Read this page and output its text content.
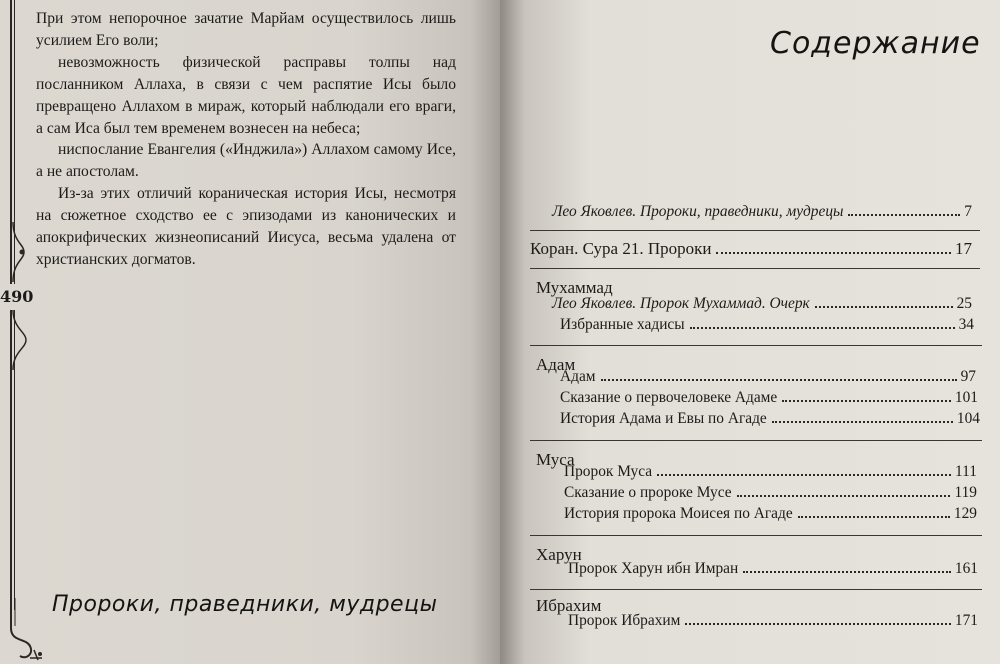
490

При этом непорочное зачатие Марйам осуществилось лишь усилием Его воли;

невозможность физической расправы толпы над посланником Аллаха, в связи с чем распятие Исы было превращено Аллахом в мираж, который наблюдали его враги, а сам Иса был тем временем вознесен на небеса;

ниспослание Евангелия («Инджила») Аллахом самому Исе, а не апостолам.

Из-за этих отличий кораническая история Исы, несмотря на сюжетное сходство ее с эпизодами из канонических и апокрифических жизнеописаний Иисуса, весьма удалена от христианских догматов.

Пророки, праведники, мудрецы
Содержание
Лео Яковлев. Пророки, праведники, мудрецы	7
Коран. Сура 21. Пророки	17
Мухаммад
Лео Яковлев. Пророк Мухаммад. Очерк	25
Избранные хадисы	34
Адам
Адам	97
Сказание о первочеловеке Адаме	101
История Адама и Евы по Агаде	104
Муса
Пророк Муса	111
Сказание о пророке Мусе	119
История пророка Моисея по Агаде	129
Харун
Пророк Харун ибн Имран	161
Ибрахим
Пророк Ибрахим	171
